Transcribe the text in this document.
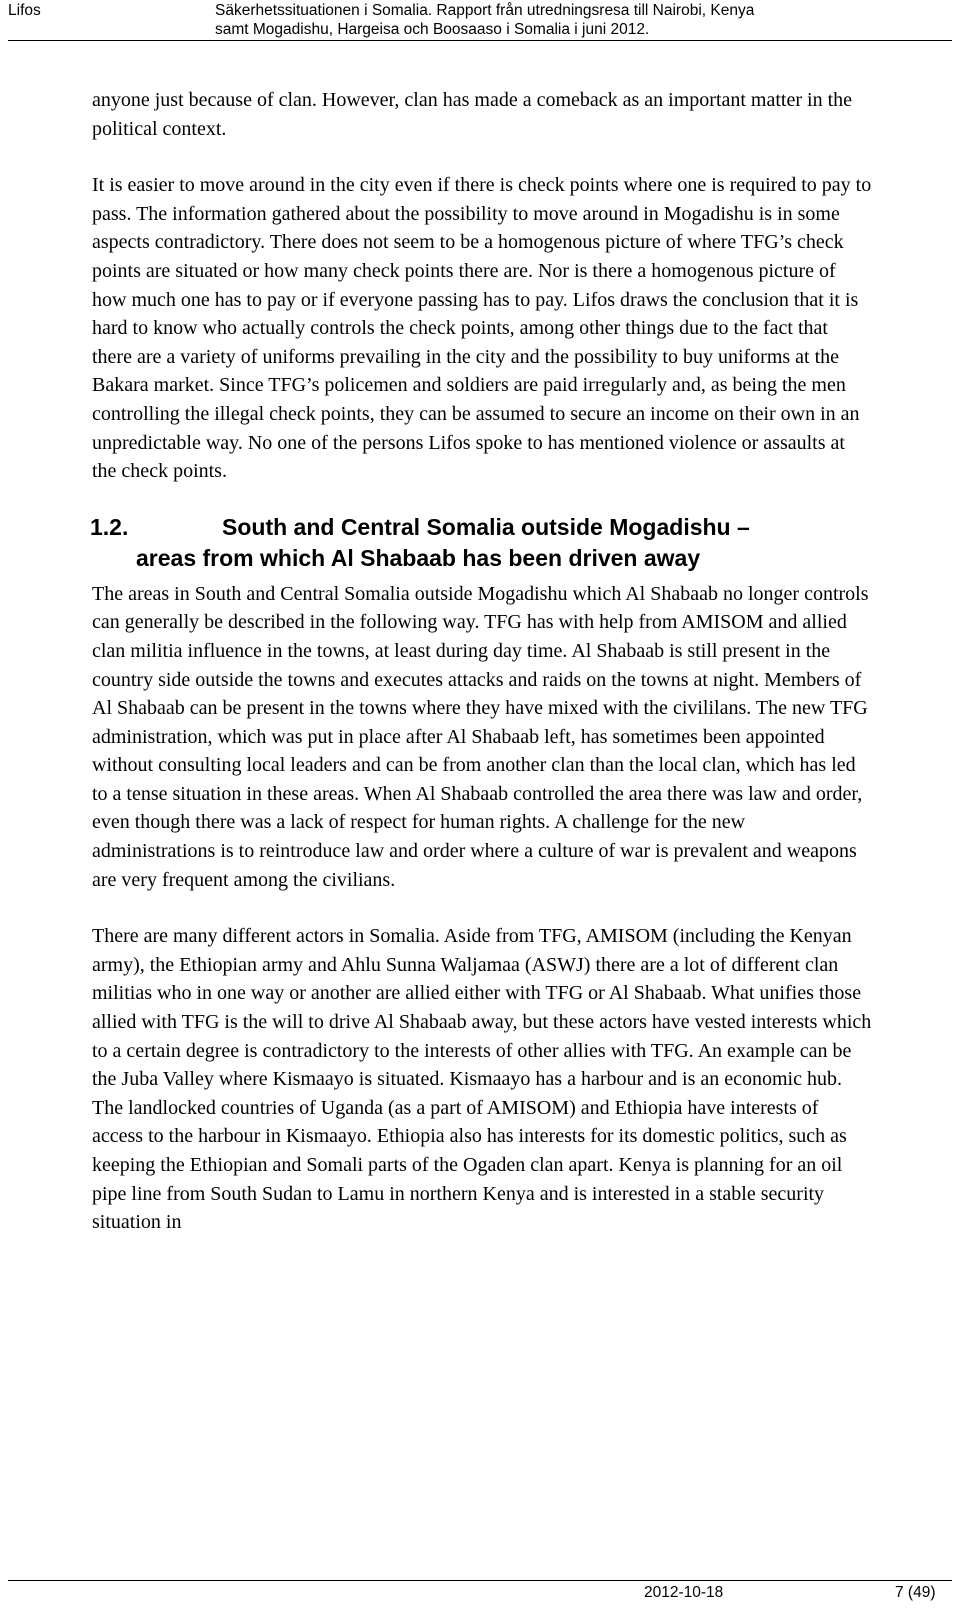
Lifos	Säkerhetssituationen i Somalia. Rapport från utredningsresa till Nairobi, Kenya
samt Mogadishu, Hargeisa och Boosaaso i Somalia i juni 2012.

anyone just because of clan. However, clan has made a comeback as an important matter in the political context.

It is easier to move around in the city even if there is check points where one is required to pay to pass. The information gathered about the possibility to move around in Mogadishu is in some aspects contradictory. There does not seem to be a homogenous picture of where TFG’s check points are situated or how many check points there are. Nor is there a homogenous picture of how much one has to pay or if everyone passing has to pay. Lifos draws the conclusion that it is hard to know who actually controls the check points, among other things due to the fact that there are a variety of uniforms prevailing in the city and the possibility to buy uniforms at the Bakara market. Since TFG’s policemen and soldiers are paid irregularly and, as being the men controlling the illegal check points, they can be assumed to secure an income on their own in an unpredictable way. No one of the persons Lifos spoke to has mentioned violence or assaults at the check points.

1.2.	South and Central Somalia outside Mogadishu –
areas from which Al Shabaab has been driven away

The areas in South and Central Somalia outside Mogadishu which Al Shabaab no longer controls can generally be described in the following way. TFG has with help from AMISOM and allied clan militia influence in the towns, at least during day time. Al Shabaab is still present in the country side outside the towns and executes attacks and raids on the towns at night. Members of Al Shabaab can be present in the towns where they have mixed with the civililans. The new TFG administration, which was put in place after Al Shabaab left, has sometimes been appointed without consulting local leaders and can be from another clan than the local clan, which has led to a tense situation in these areas. When Al Shabaab controlled the area there was law and order, even though there was a lack of respect for human rights. A challenge for the new administrations is to reintroduce law and order where a culture of war is prevalent and weapons are very frequent among the civilians.

There are many different actors in Somalia. Aside from TFG, AMISOM (including the Kenyan army), the Ethiopian army and Ahlu Sunna Waljamaa (ASWJ) there are a lot of different clan militias who in one way or another are allied either with TFG or Al Shabaab. What unifies those allied with TFG is the will to drive Al Shabaab away, but these actors have vested interests which to a certain degree is contradictory to the interests of other allies with TFG. An example can be the Juba Valley where Kismaayo is situated. Kismaayo has a harbour and is an economic hub. The landlocked countries of Uganda (as a part of AMISOM) and Ethiopia have interests of access to the harbour in Kismaayo. Ethiopia also has interests for its domestic politics, such as keeping the Ethiopian and Somali parts of the Ogaden clan apart. Kenya is planning for an oil pipe line from South Sudan to Lamu in northern Kenya and is interested in a stable security situation in

2012-10-18	7 (49)
